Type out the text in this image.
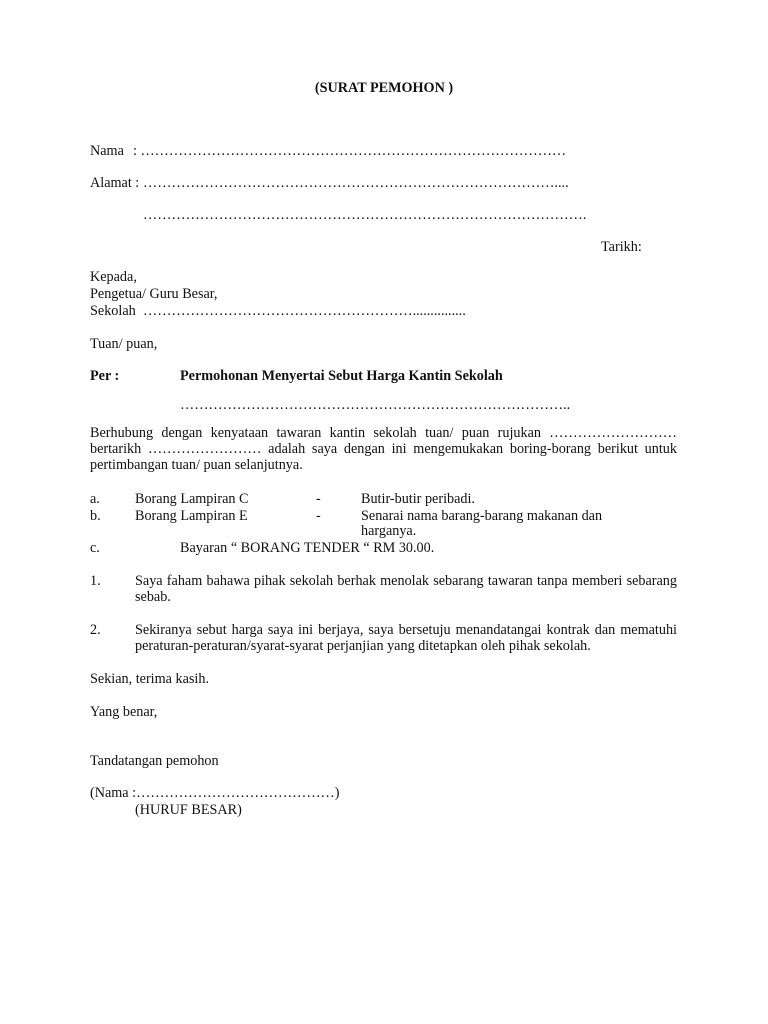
(SURAT PEMOHON )
Nama : ………………………………………………………………………………
Alamat : ……………………………………………………………………………....
………………………………………………………………………………….
Tarikh:
Kepada,
Pengetua/ Guru Besar,
Sekolah …………………………………………………...............
Tuan/ puan,
Per :	Permohonan Menyertai Sebut Harga Kantin Sekolah
………………………………………………………………………..
Berhubung dengan kenyataan tawaran kantin sekolah tuan/ puan rujukan ……………………… bertarikh …………………… adalah saya dengan ini mengemukakan boring-borang berikut untuk pertimbangan tuan/ puan selanjutnya.
a. Borang Lampiran C	-	Butir-butir peribadi.
b. Borang Lampiran E	-	Senarai nama barang-barang makanan dan
harganya.
c.	Bayaran “ BORANG TENDER “ RM 30.00.
1. Saya faham bahawa pihak sekolah berhak menolak sebarang tawaran tanpa memberi sebarang sebab.
2. Sekiranya sebut harga saya ini berjaya, saya bersetuju menandatangai kontrak dan mematuhi peraturan-peraturan/syarat-syarat perjanjian yang ditetapkan oleh pihak sekolah.
Sekian, terima kasih.
Yang benar,
Tandatangan pemohon
(Nama :……………………………………)
(HURUF BESAR)
